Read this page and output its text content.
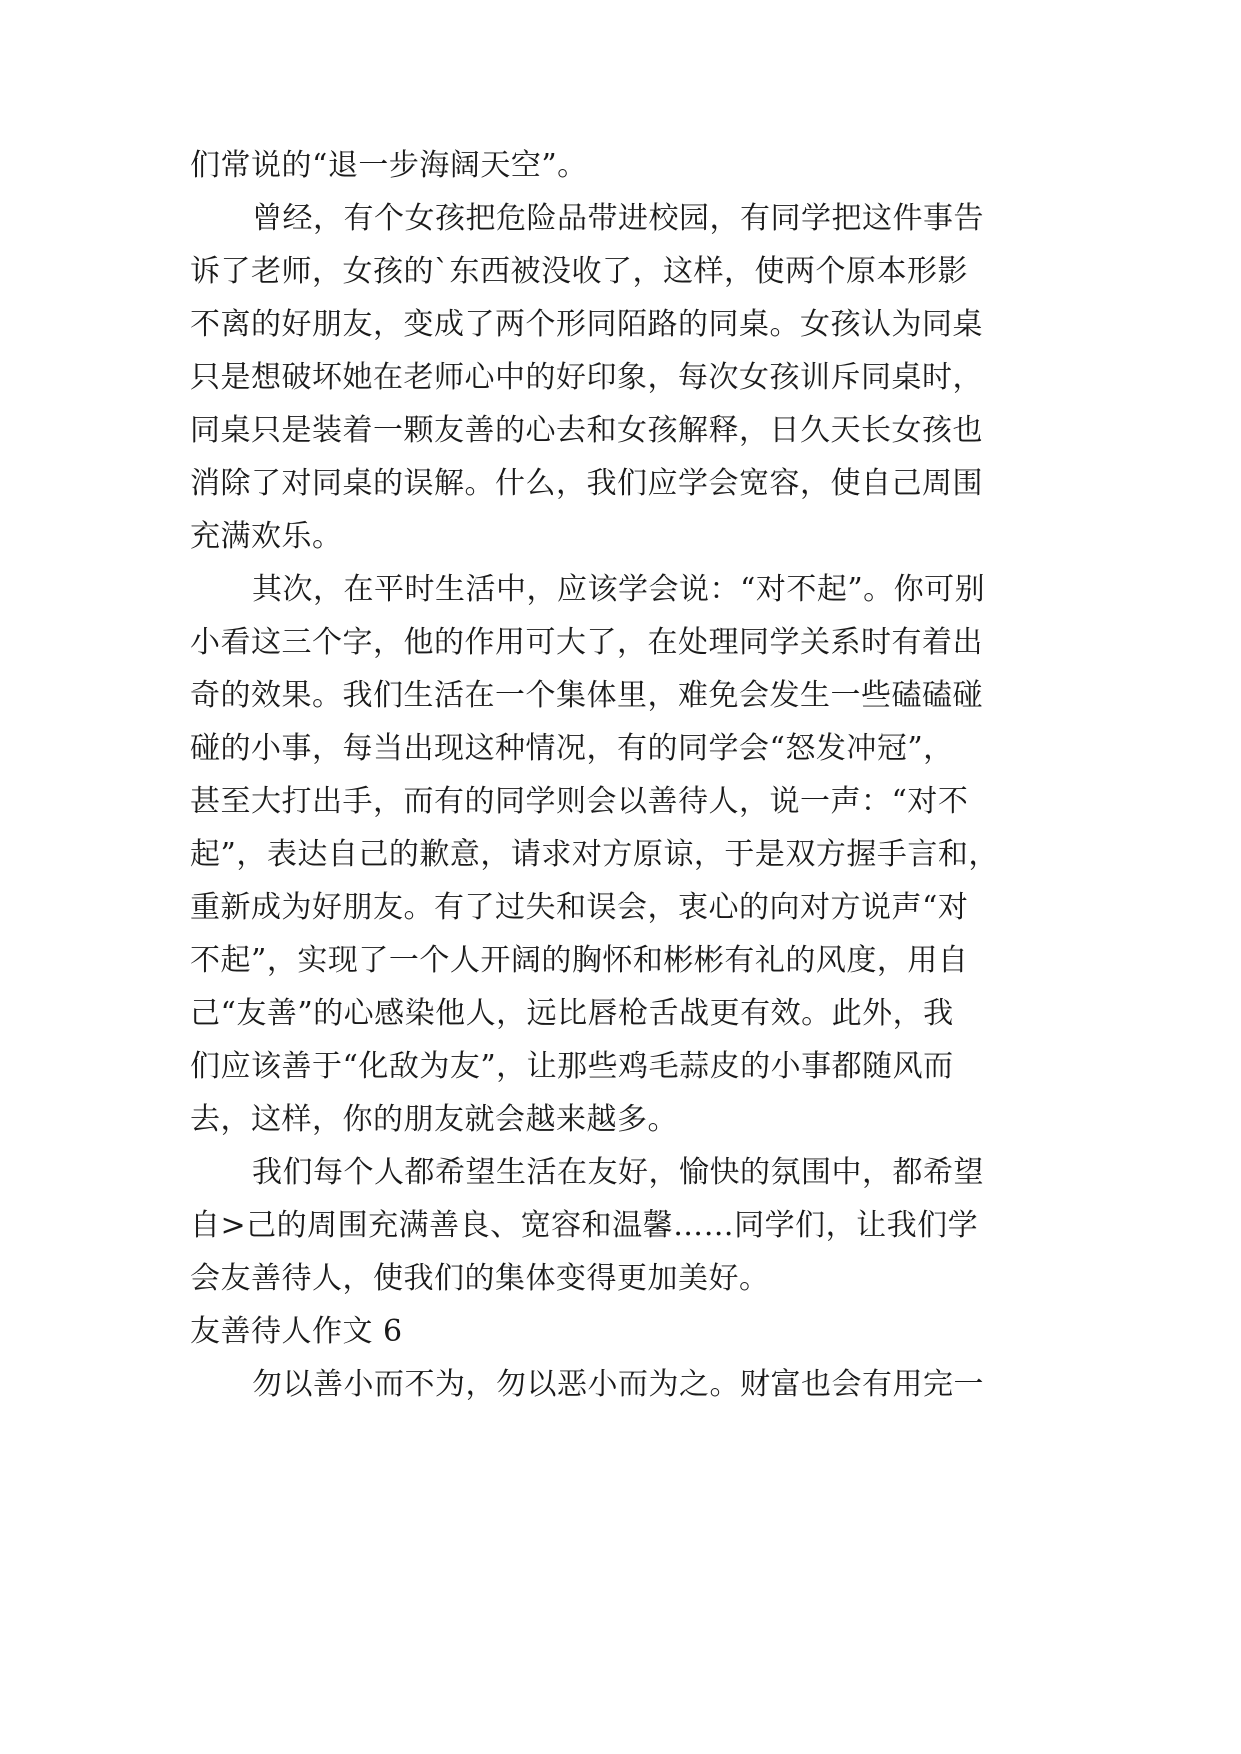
们常说的“退一步海阔天空”。
曾经，有个女孩把危险品带进校园，有同学把这件事告
诉了老师，女孩的`东西被没收了，这样，使两个原本形影
不离的好朋友，变成了两个形同陌路的同桌。女孩认为同桌
只是想破坏她在老师心中的好印象，每次女孩训斥同桌时，
同桌只是装着一颗友善的心去和女孩解释，日久天长女孩也
消除了对同桌的误解。什么，我们应学会宽容，使自己周围
充满欢乐。
其次，在平时生活中，应该学会说：“对不起”。你可别
小看这三个字，他的作用可大了，在处理同学关系时有着出
奇的效果。我们生活在一个集体里，难免会发生一些磕磕碰
碰的小事，每当出现这种情况，有的同学会“怒发冲冠”，
甚至大打出手，而有的同学则会以善待人，说一声：“对不
起”，表达自己的歉意，请求对方原谅，于是双方握手言和，
重新成为好朋友。有了过失和误会，衷心的向对方说声“对
不起”，实现了一个人开阔的胸怀和彬彬有礼的风度，用自
己“友善”的心感染他人，远比唇枪舌战更有效。此外，我
们应该善于“化敌为友”，让那些鸡毛蒜皮的小事都随风而
去，这样，你的朋友就会越来越多。
我们每个人都希望生活在友好，愉快的氛围中，都希望
自>己的周围充满善良、宽容和温馨……同学们，让我们学
会友善待人，使我们的集体变得更加美好。
友善待人作文 6
勿以善小而不为，勿以恶小而为之。财富也会有用完一
